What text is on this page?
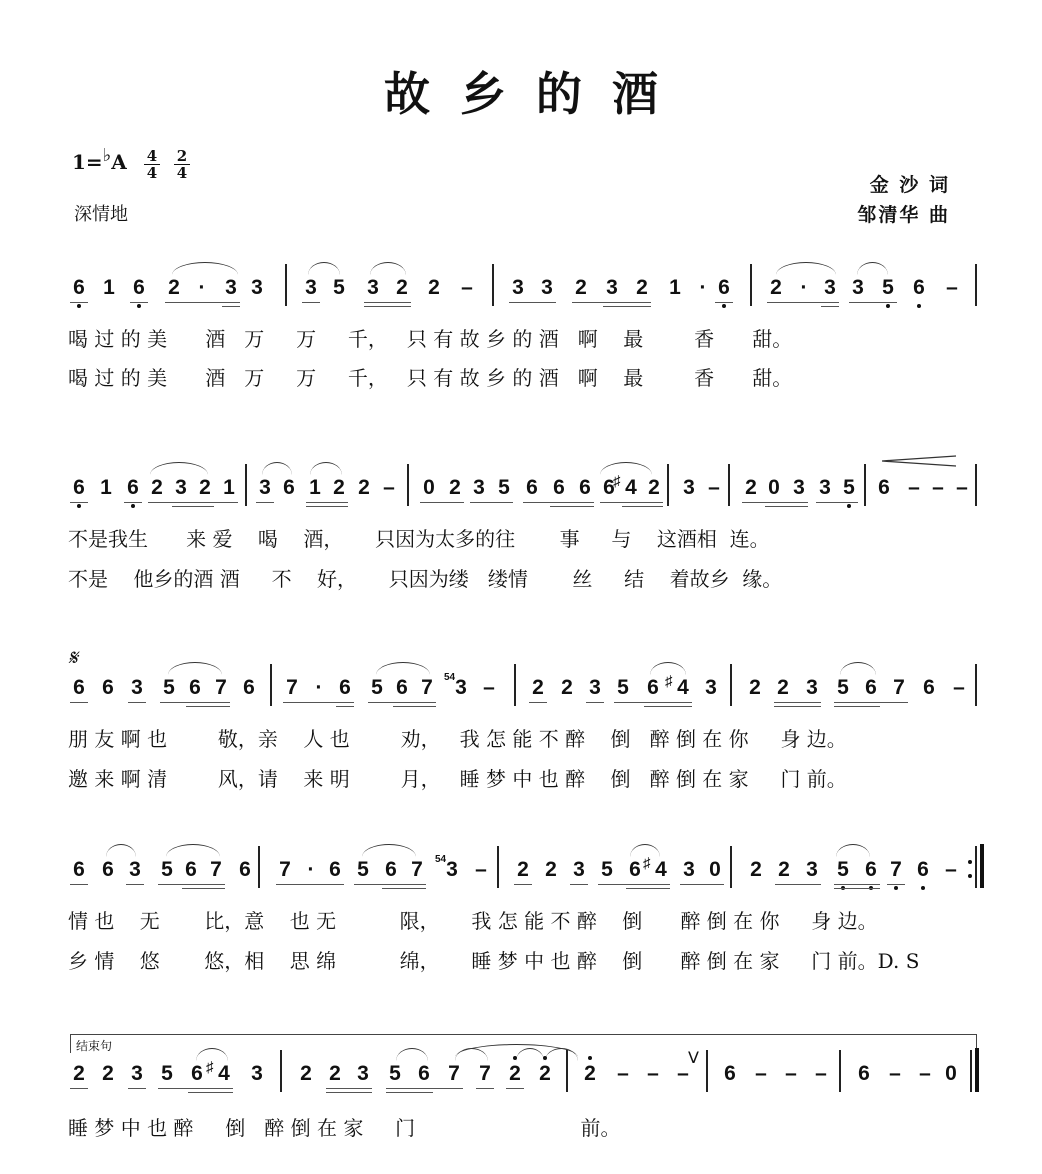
故乡的酒
1=♭A $\frac{4}{4} \frac{2}{4}$
深情地
金 沙 词
邹清华 曲
6 1 6 2 · 3 3 3 5 3 2 2 – 3 3 2 3 2 1 · 6 2 · 3 3 5 6 –
喝 过 的 美      酒   万     万     千，   只 有 故 乡 的 酒   啊    最        香      甜。
喝 过 的 美      酒   万     万     千，   只 有 故 乡 的 酒   啊    最        香      甜。
6 1 6 2 3 2 1 3 6 1 2 2 – 0 2 3 5 6 6 6 6
♯ 4 2 3 – 2 0 3 3 5 6 – – –
不是我生      来 爱    喝    酒，     只因为太多的往       事     与    这酒相  连。
不是    他乡的酒 酒     不    好，     只因为缕   缕情       丝     结    着故乡  缘。
𝄋
6 6 3 5 6 7 6 7 · 6 5 6 7 3
54 – 2 2 3 5 6 ♯ 4 3 2 2 3 5 6 7 6 –
朋 友 啊 也        敬，亲    人 也        劝，   我 怎 能 不 醉    倒   醉 倒 在 你     身 边。
邀 来 啊 清        风，请    来 明        月，   睡 梦 中 也 醉    倒   醉 倒 在 家     门 前。
6 6 3 5 6 7 6 7 · 6 5 6 7 3
54 – 2 2 3 5 6 ♯ 4 3 0 2 2 3 5 6 7 6 –
情 也    无       比，意    也 无          限，     我 怎 能 不 醉    倒      醉 倒 在 你     身 边。
乡 情    悠       悠，相    思 绵          绵，     睡 梦 中 也 醉    倒      醉 倒 在 家     门 前。D. S
结束句
2 2 3 5 6 ♯ 4 3 2 2 3 5 6 7 7 2 2 2 – – – 6 – – – 6 – – 0
V
睡 梦 中 也 醉     倒   醉 倒 在 家     门                          前。
